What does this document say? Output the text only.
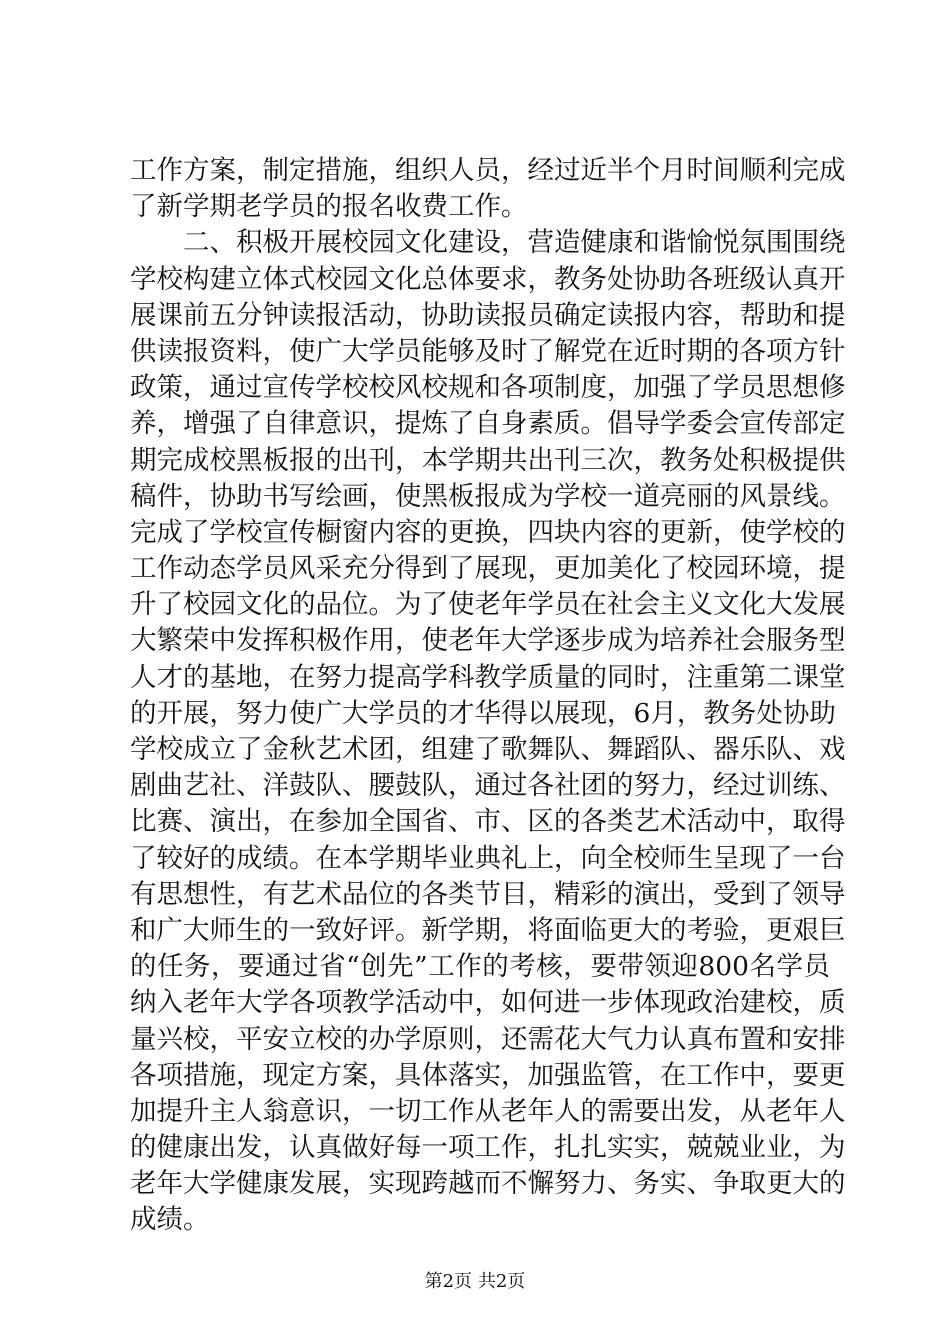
工作方案，制定措施，组织人员，经过近半个月时间顺利完成
了新学期老学员的报名收费工作。
　　二、积极开展校园文化建设，营造健康和谐愉悦氛围围绕
学校构建立体式校园文化总体要求，教务处协助各班级认真开
展课前五分钟读报活动，协助读报员确定读报内容，帮助和提
供读报资料，使广大学员能够及时了解党在近时期的各项方针
政策，通过宣传学校校风校规和各项制度，加强了学员思想修
养，增强了自律意识，提炼了自身素质。倡导学委会宣传部定
期完成校黑板报的出刊，本学期共出刊三次，教务处积极提供
稿件，协助书写绘画，使黑板报成为学校一道亮丽的风景线。
完成了学校宣传橱窗内容的更换，四块内容的更新，使学校的
工作动态学员风采充分得到了展现，更加美化了校园环境，提
升了校园文化的品位。为了使老年学员在社会主义文化大发展
大繁荣中发挥积极作用，使老年大学逐步成为培养社会服务型
人才的基地，在努力提高学科教学质量的同时，注重第二课堂
的开展，努力使广大学员的才华得以展现，6月，教务处协助
学校成立了金秋艺术团，组建了歌舞队、舞蹈队、器乐队、戏
剧曲艺社、洋鼓队、腰鼓队，通过各社团的努力，经过训练、
比赛、演出，在参加全国省、市、区的各类艺术活动中，取得
了较好的成绩。在本学期毕业典礼上，向全校师生呈现了一台
有思想性，有艺术品位的各类节目，精彩的演出，受到了领导
和广大师生的一致好评。新学期，将面临更大的考验，更艰巨
的任务，要通过省“创先”工作的考核，要带领迎800名学员
纳入老年大学各项教学活动中，如何进一步体现政治建校，质
量兴校，平安立校的办学原则，还需花大气力认真布置和安排
各项措施，现定方案，具体落实，加强监管，在工作中，要更
加提升主人翁意识，一切工作从老年人的需要出发，从老年人
的健康出发，认真做好每一项工作，扎扎实实，兢兢业业，为
老年大学健康发展，实现跨越而不懈努力、务实、争取更大的
成绩。
第2页 共2页
